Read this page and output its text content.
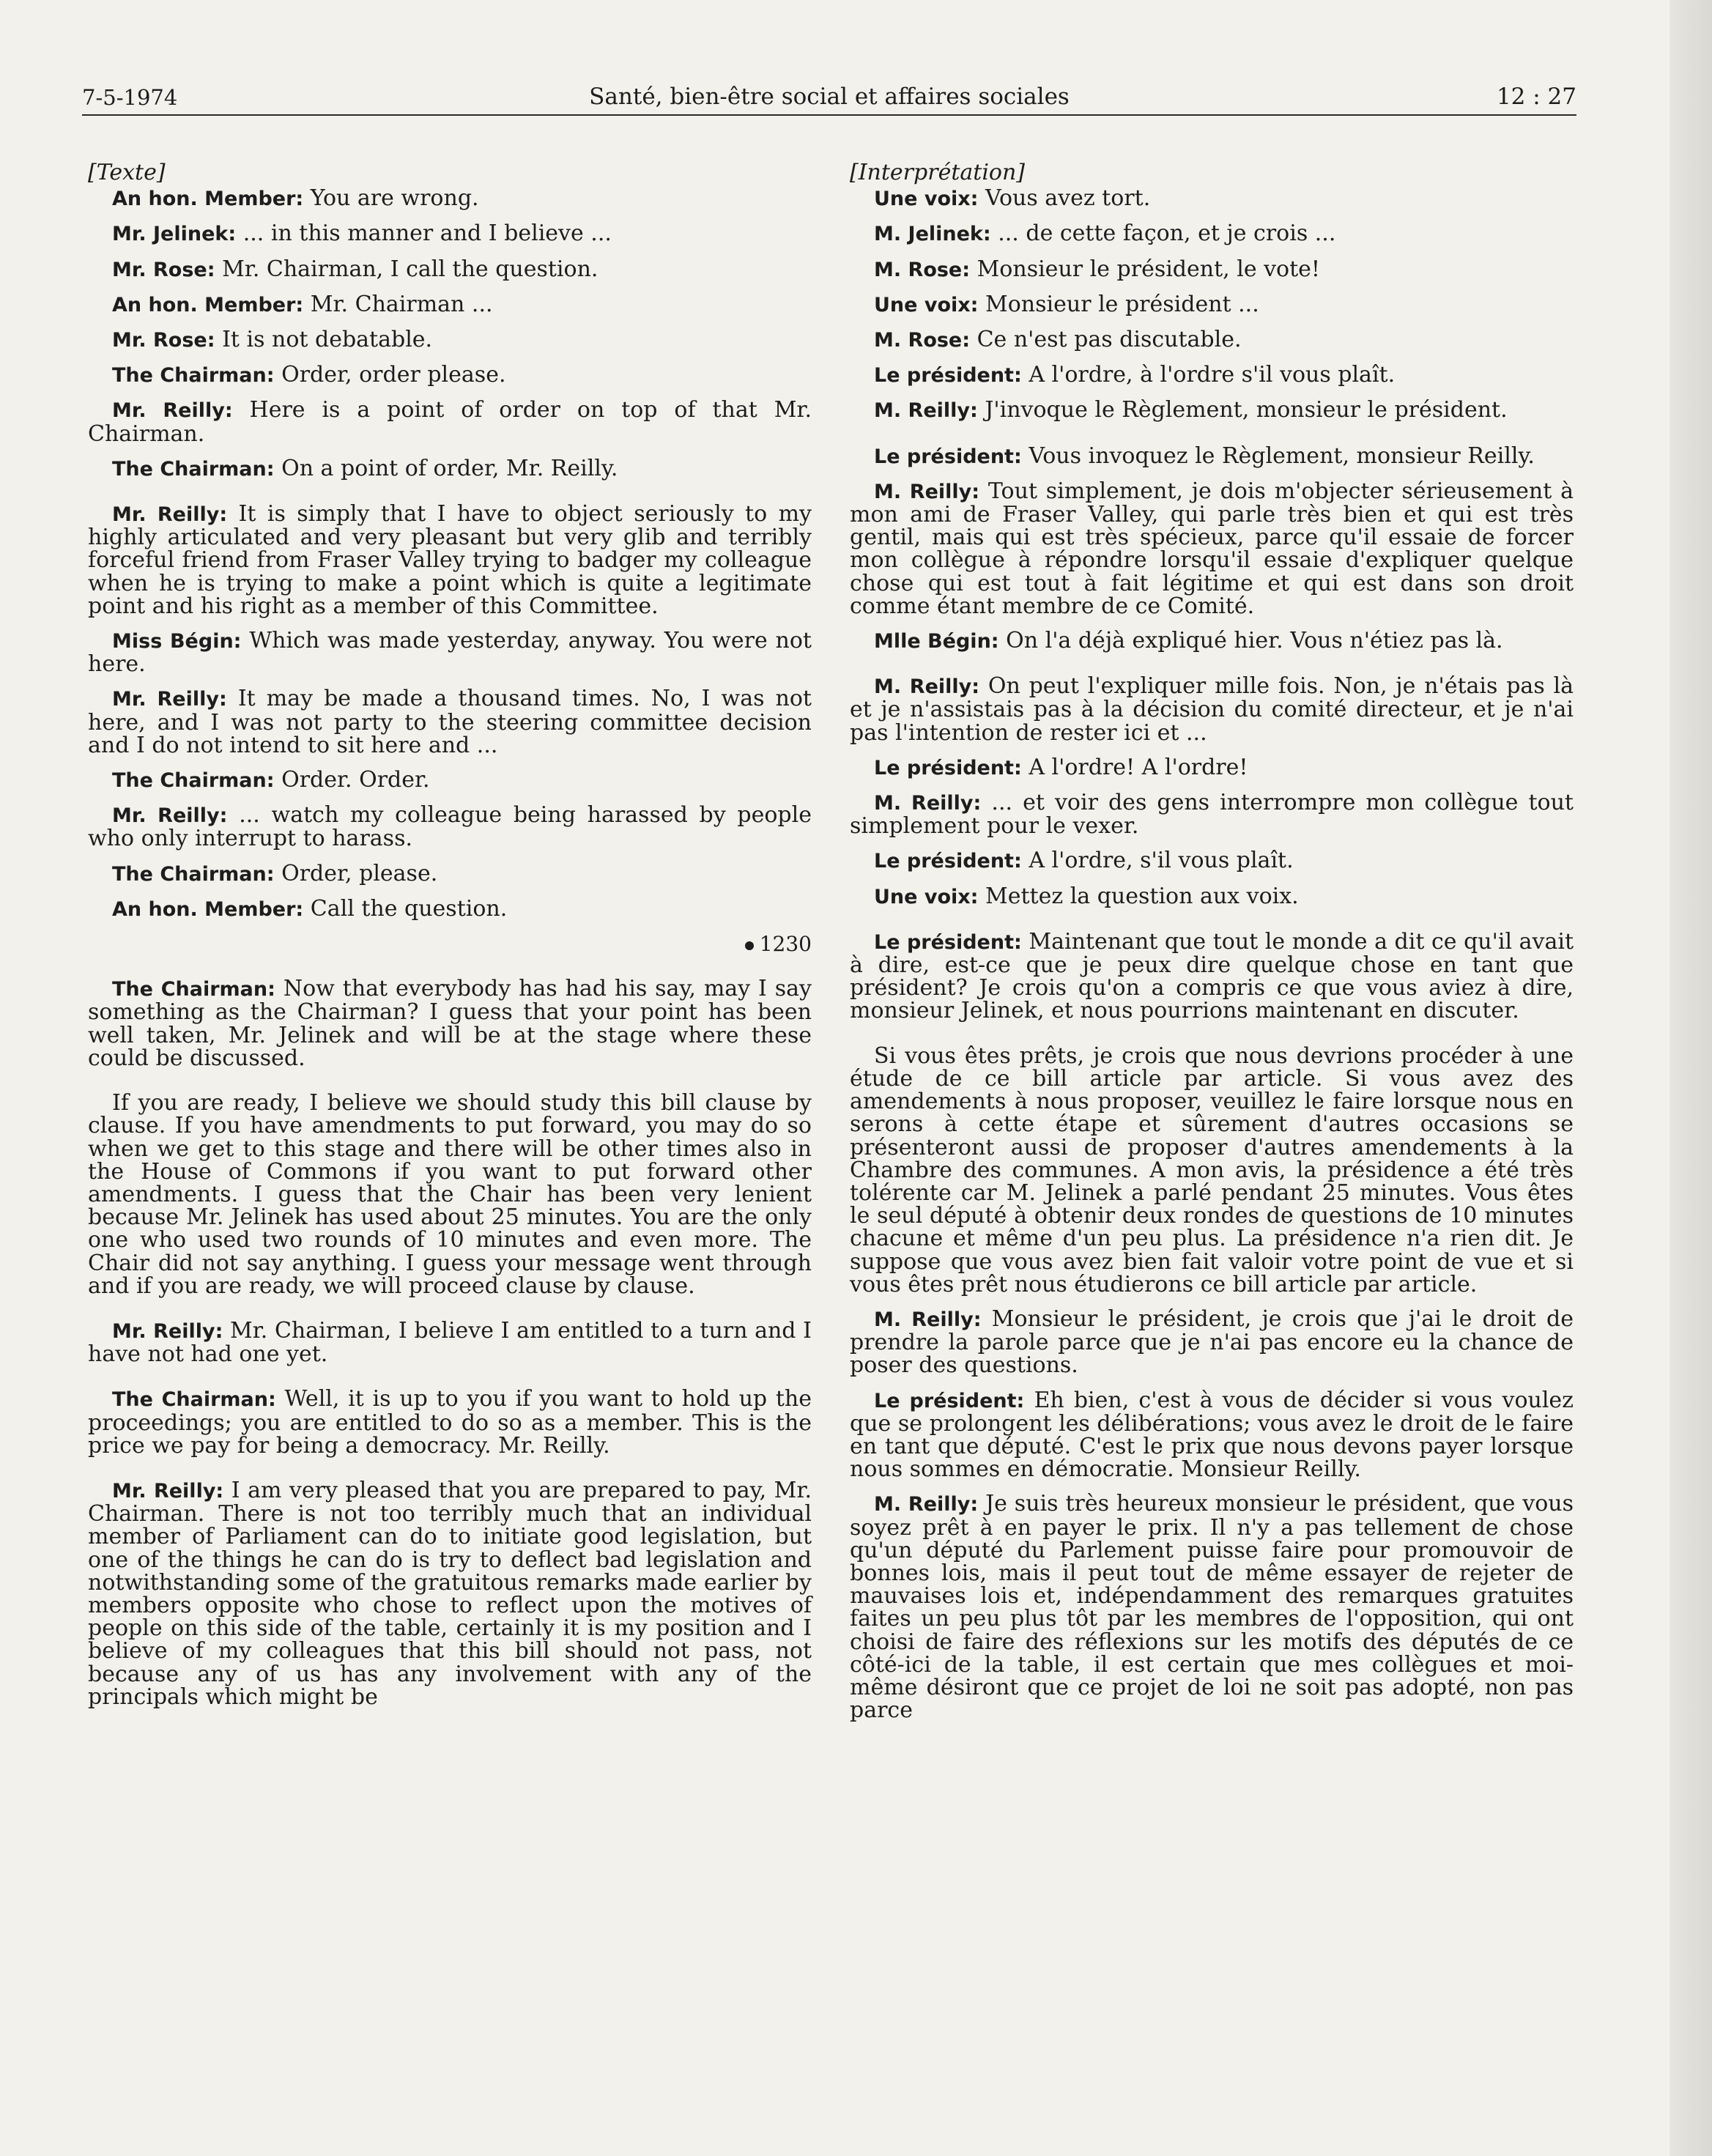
7-5-1974	Santé, bien-être social et affaires sociales	12 : 27
[Texte]

An hon. Member: You are wrong.

Mr. Jelinek: ... in this manner and I believe ...

Mr. Rose: Mr. Chairman, I call the question.

An hon. Member: Mr. Chairman ...

Mr. Rose: It is not debatable.

The Chairman: Order, order please.

Mr. Reilly: Here is a point of order on top of that Mr. Chairman.

The Chairman: On a point of order, Mr. Reilly.

Mr. Reilly: It is simply that I have to object seriously to my highly articulated and very pleasant but very glib and terribly forceful friend from Fraser Valley trying to badger my colleague when he is trying to make a point which is quite a legitimate point and his right as a member of this Committee.

Miss Bégin: Which was made yesterday, anyway. You were not here.

Mr. Reilly: It may be made a thousand times. No, I was not here, and I was not party to the steering committee decision and I do not intend to sit here and ...

The Chairman: Order. Order.

Mr. Reilly: ... watch my colleague being harassed by people who only interrupt to harass.

The Chairman: Order, please.

An hon. Member: Call the question.

1230

The Chairman: Now that everybody has had his say, may I say something as the Chairman? I guess that your point has been well taken, Mr. Jelinek and will be at the stage where these could be discussed.

If you are ready, I believe we should study this bill clause by clause. If you have amendments to put forward, you may do so when we get to this stage and there will be other times also in the House of Commons if you want to put forward other amendments. I guess that the Chair has been very lenient because Mr. Jelinek has used about 25 minutes. You are the only one who used two rounds of 10 minutes and even more. The Chair did not say anything. I guess your message went through and if you are ready, we will proceed clause by clause.

Mr. Reilly: Mr. Chairman, I believe I am entitled to a turn and I have not had one yet.

The Chairman: Well, it is up to you if you want to hold up the proceedings; you are entitled to do so as a member. This is the price we pay for being a democracy. Mr. Reilly.

Mr. Reilly: I am very pleased that you are prepared to pay, Mr. Chairman. There is not too terribly much that an individual member of Parliament can do to initiate good legislation, but one of the things he can do is try to deflect bad legislation and notwithstanding some of the gratuitous remarks made earlier by members opposite who chose to reflect upon the motives of people on this side of the table, certainly it is my position and I believe of my colleagues that this bill should not pass, not because any of us has any involvement with any of the principals which might be

[Interprétation]

Une voix: Vous avez tort.

M. Jelinek: ... de cette façon, et je crois ...

M. Rose: Monsieur le président, le vote!

Une voix: Monsieur le président ...

M. Rose: Ce n'est pas discutable.

Le président: A l'ordre, à l'ordre s'il vous plaît.

M. Reilly: J'invoque le Règlement, monsieur le président.

Le président: Vous invoquez le Règlement, monsieur Reilly.

M. Reilly: Tout simplement, je dois m'objecter sérieusement à mon ami de Fraser Valley, qui parle très bien et qui est très gentil, mais qui est très spécieux, parce qu'il essaie de forcer mon collègue à répondre lorsqu'il essaie d'expliquer quelque chose qui est tout à fait légitime et qui est dans son droit comme étant membre de ce Comité.

Mlle Bégin: On l'a déjà expliqué hier. Vous n'étiez pas là.

M. Reilly: On peut l'expliquer mille fois. Non, je n'étais pas là et je n'assistais pas à la décision du comité directeur, et je n'ai pas l'intention de rester ici et ...

Le président: A l'ordre! A l'ordre!

M. Reilly: ... et voir des gens interrompre mon collègue tout simplement pour le vexer.

Le président: A l'ordre, s'il vous plaît.

Une voix: Mettez la question aux voix.

Le président: Maintenant que tout le monde a dit ce qu'il avait à dire, est-ce que je peux dire quelque chose en tant que président? Je crois qu'on a compris ce que vous aviez à dire, monsieur Jelinek, et nous pourrions maintenant en discuter.

Si vous êtes prêts, je crois que nous devrions procéder à une étude de ce bill article par article. Si vous avez des amendements à nous proposer, veuillez le faire lorsque nous en serons à cette étape et sûrement d'autres occasions se présenteront aussi de proposer d'autres amendements à la Chambre des communes. A mon avis, la présidence a été très tolérente car M. Jelinek a parlé pendant 25 minutes. Vous êtes le seul député à obtenir deux rondes de questions de 10 minutes chacune et même d'un peu plus. La présidence n'a rien dit. Je suppose que vous avez bien fait valoir votre point de vue et si vous êtes prêt nous étudierons ce bill article par article.

M. Reilly: Monsieur le président, je crois que j'ai le droit de prendre la parole parce que je n'ai pas encore eu la chance de poser des questions.

Le président: Eh bien, c'est à vous de décider si vous voulez que se prolongent les délibérations; vous avez le droit de le faire en tant que député. C'est le prix que nous devons payer lorsque nous sommes en démocratie. Monsieur Reilly.

M. Reilly: Je suis très heureux monsieur le président, que vous soyez prêt à en payer le prix. Il n'y a pas tellement de chose qu'un député du Parlement puisse faire pour promouvoir de bonnes lois, mais il peut tout de même essayer de rejeter de mauvaises lois et, indépendamment des remarques gratuites faites un peu plus tôt par les membres de l'opposition, qui ont choisi de faire des réflexions sur les motifs des députés de ce côté-ici de la table, il est certain que mes collègues et moi-même désiront que ce projet de loi ne soit pas adopté, non pas parce
